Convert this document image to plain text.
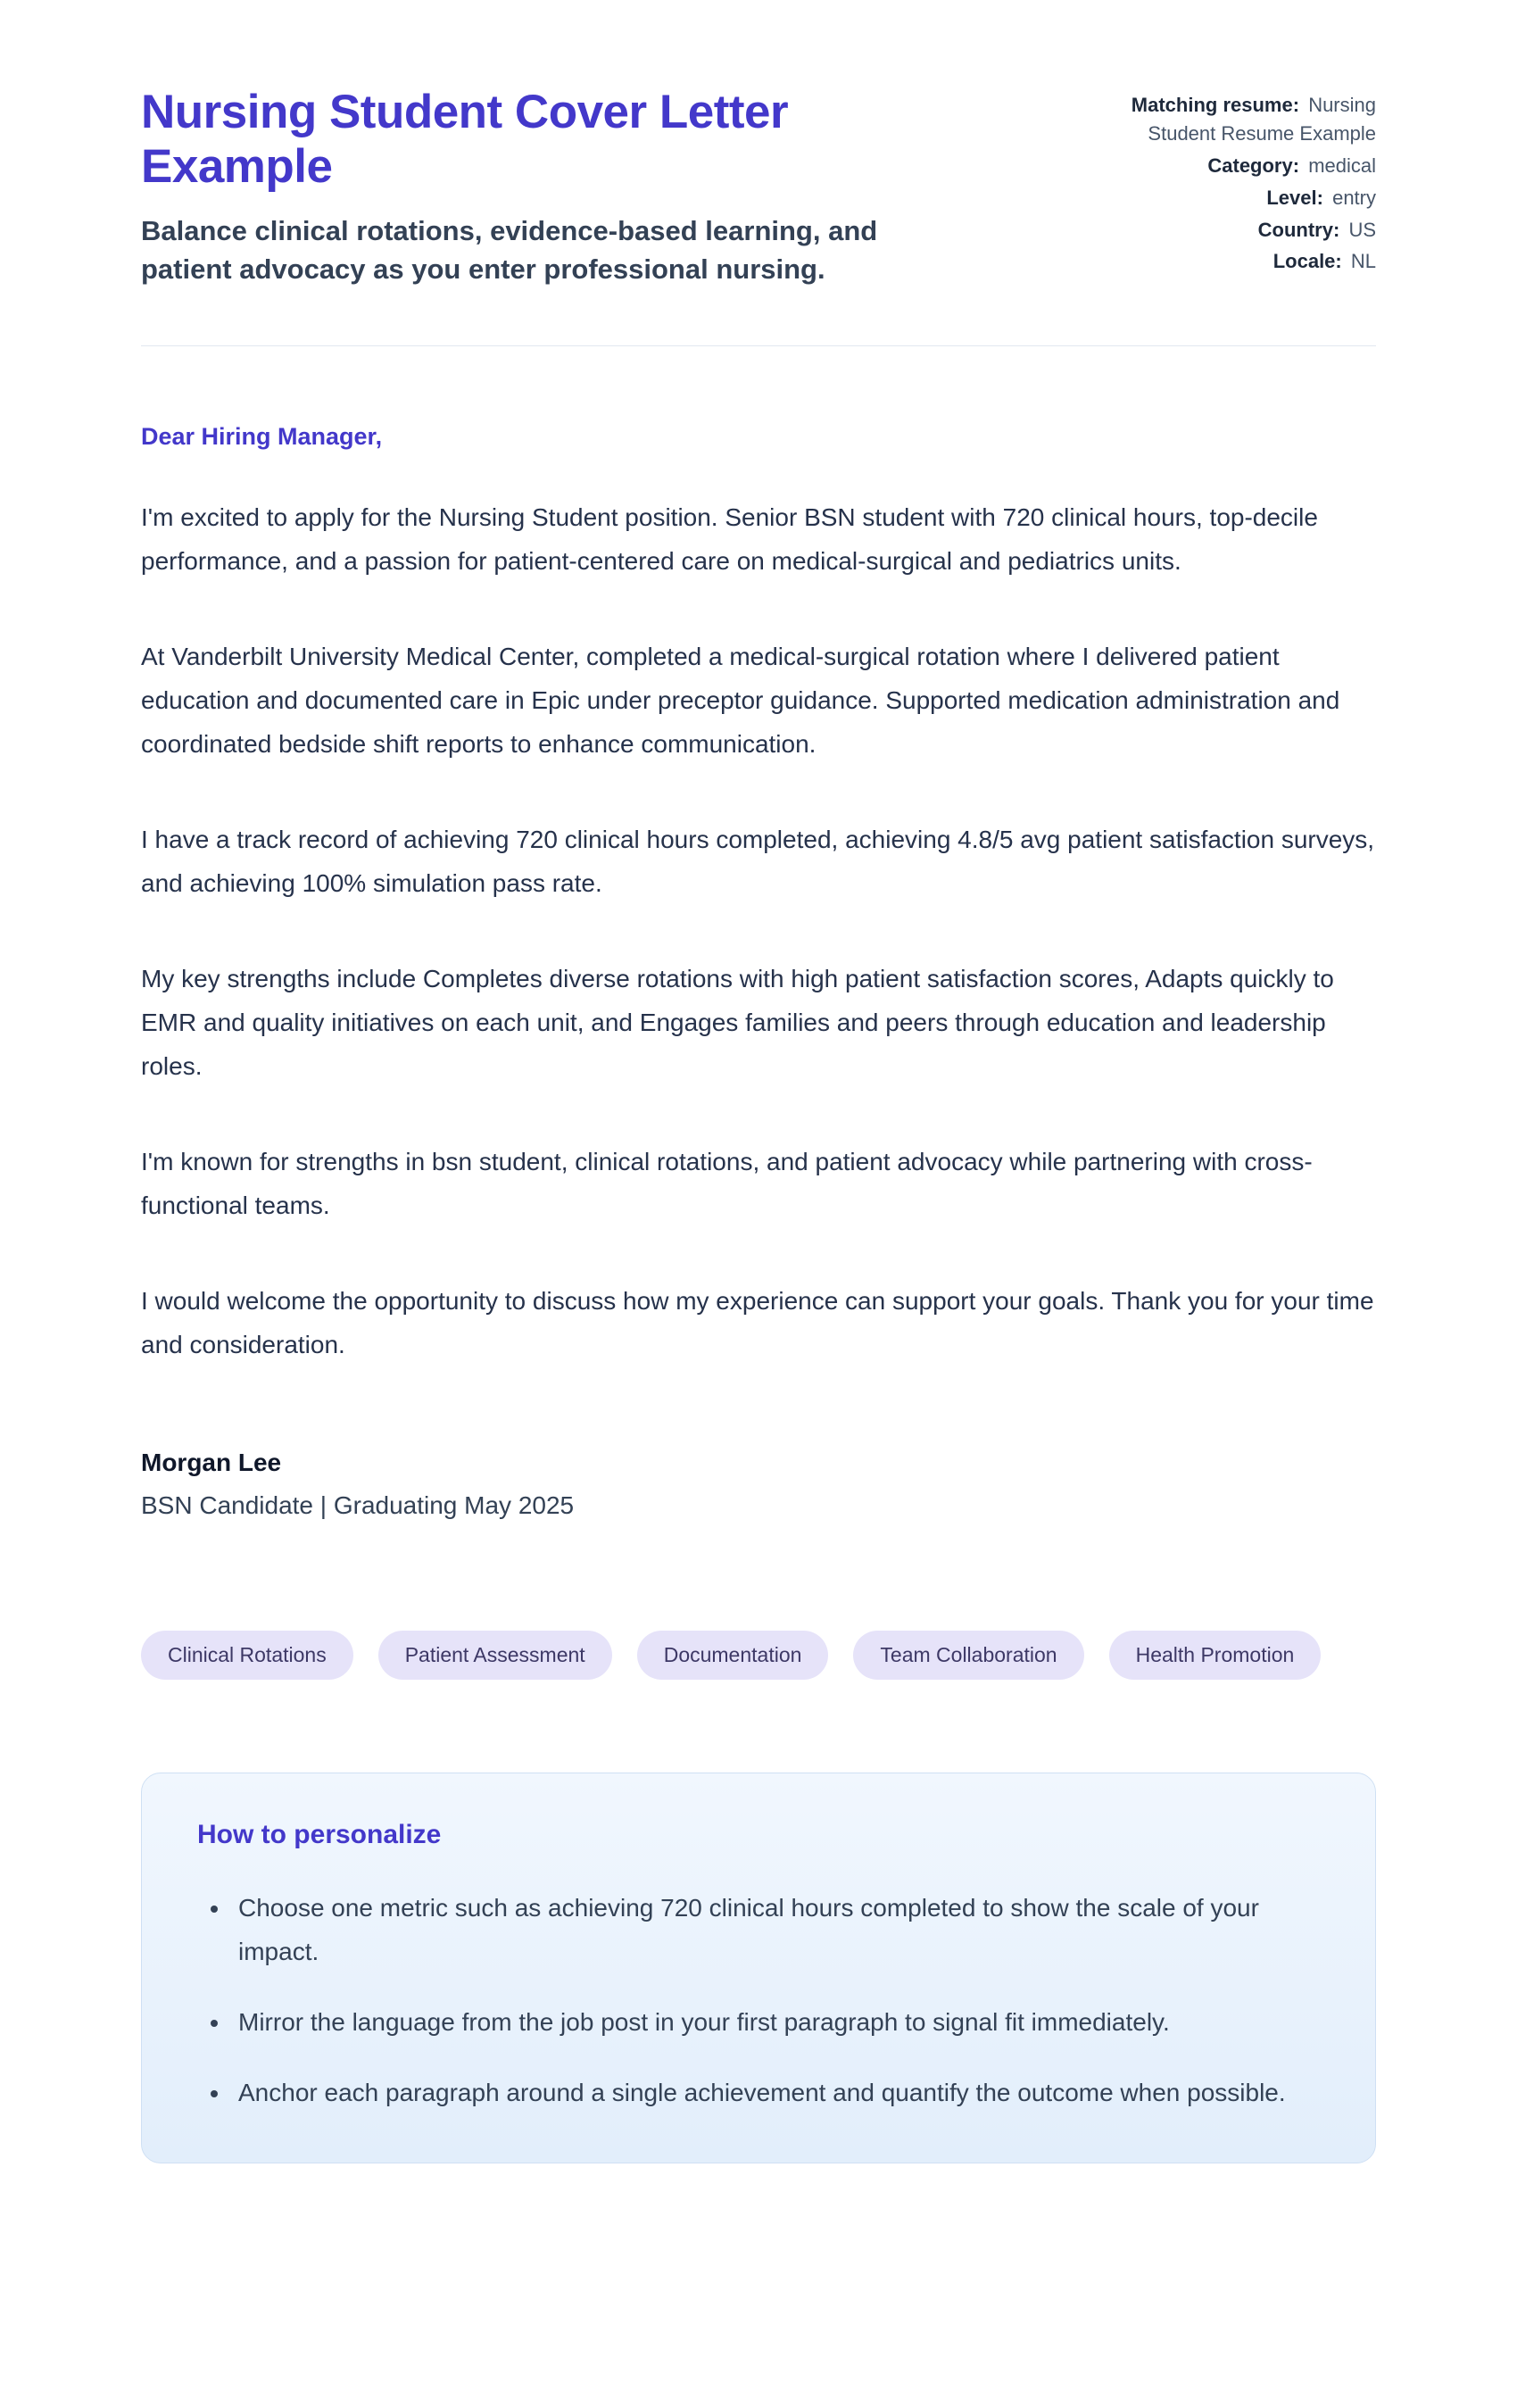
Nursing Student Cover Letter Example

Balance clinical rotations, evidence-based learning, and patient advocacy as you enter professional nursing.

Matching resume: Nursing Student Resume Example
Category: medical
Level: entry
Country: US
Locale: NL

Dear Hiring Manager,

I'm excited to apply for the Nursing Student position. Senior BSN student with 720 clinical hours, top-decile performance, and a passion for patient-centered care on medical-surgical and pediatrics units.

At Vanderbilt University Medical Center, completed a medical-surgical rotation where I delivered patient education and documented care in Epic under preceptor guidance. Supported medication administration and coordinated bedside shift reports to enhance communication.

I have a track record of achieving 720 clinical hours completed, achieving 4.8/5 avg patient satisfaction surveys, and achieving 100% simulation pass rate.

My key strengths include Completes diverse rotations with high patient satisfaction scores, Adapts quickly to EMR and quality initiatives on each unit, and Engages families and peers through education and leadership roles.

I'm known for strengths in bsn student, clinical rotations, and patient advocacy while partnering with cross-functional teams.

I would welcome the opportunity to discuss how my experience can support your goals. Thank you for your time and consideration.

Morgan Lee

BSN Candidate | Graduating May 2025

Clinical Rotations	Patient Assessment	Documentation	Team Collaboration	Health Promotion
How to personalize
• Choose one metric such as achieving 720 clinical hours completed to show the scale of your impact.
• Mirror the language from the job post in your first paragraph to signal fit immediately.
• Anchor each paragraph around a single achievement and quantify the outcome when possible.
